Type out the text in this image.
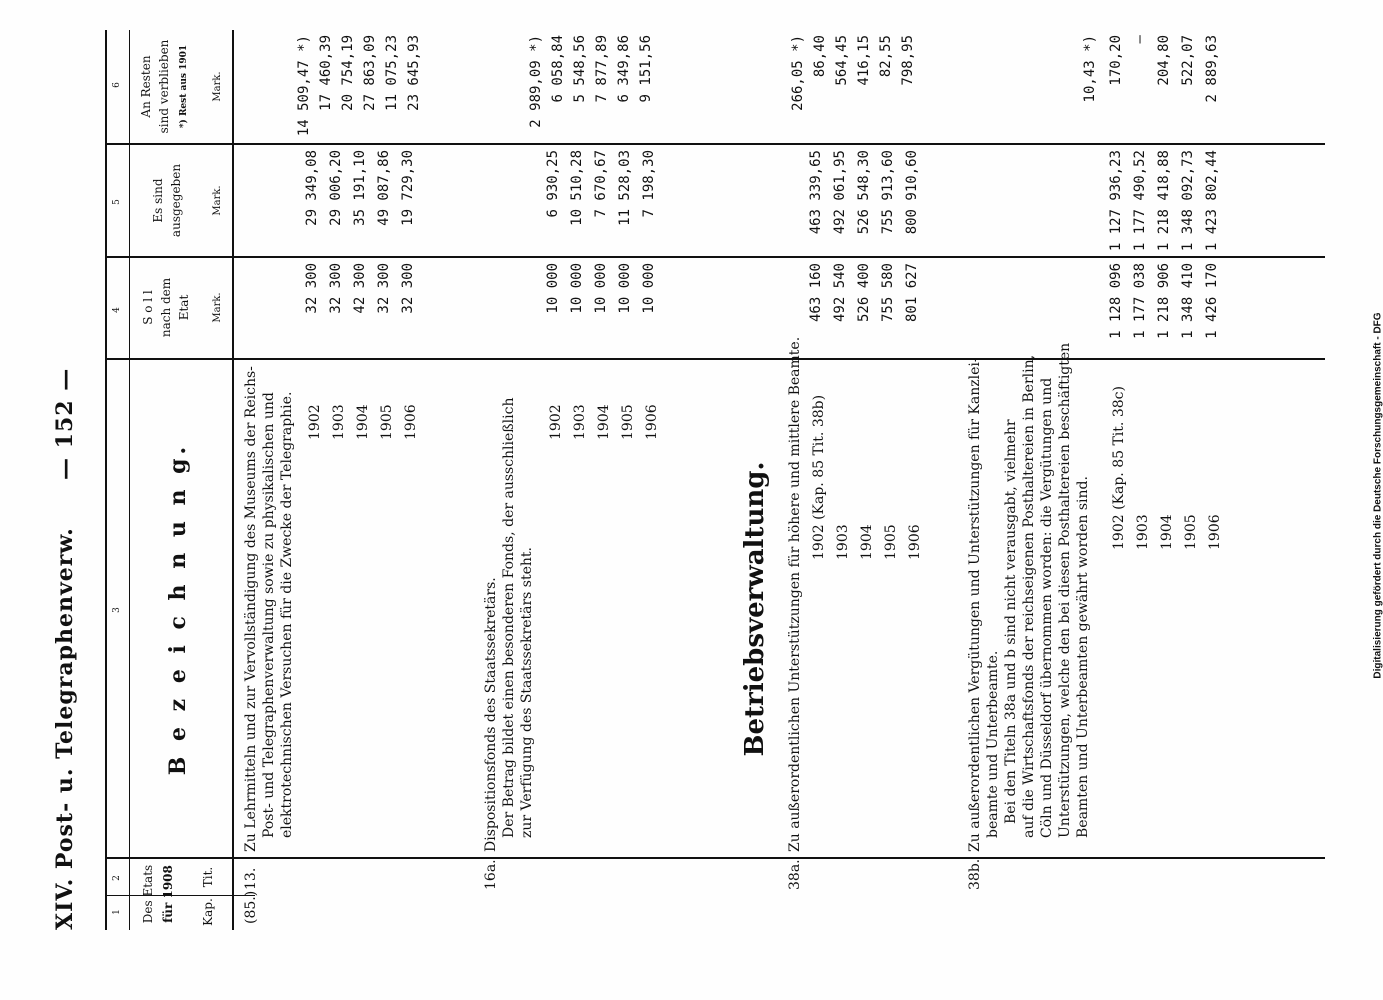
XIV. Post- u. Telegraphenverw.
— 152 —
1
2
3
4
5
6
Des Etats für 1908 Kap.
Tit.
B e z e i c h n u n g.
S o l l nach dem Etat Mark.
Es sind ausgegeben	Mark.
An Resten sind verblieben *) Rest aus 1901	Mark.
(85.)
13.
Zu Lehrmitteln und zur Vervollständigung des Museums der Reichs- Post- und Telegraphenverwaltung sowie zu physikalischen und elektrotechnischen Versuchen für die Zwecke der Telegraphie.
14 509,47 *)
1902 1903 1904 1905 1906
32 300 32 300 42 300 32 300 32 300
29 349,08 29 006,20 35 191,10 49 087,86 19 729,30
17 460,39 20 754,19 27 863,09 11 075,23 23 645,93
16a.
Dispositionsfonds des Staatssekretärs. Der Betrag bildet einen besonderen Fonds, der ausschließlich zur Verfügung des Staatssekretärs steht.
2 989,09 *)
1902 1903 1904 1905 1906
10 000 10 000 10 000 10 000 10 000
6 930,25 10 510,28 7 670,67 11 528,03 7 198,30
6 058,84 5 548,56 7 877,89 6 349,86 9 151,56
Betriebsverwaltung.
38a.
Zu außerordentlichen Unterstützungen für höhere und mittlere Beamte.
266,05 *)
1902 (Kap. 85 Tit. 38b) 1903 1904 1905 1906
463 160 492 540 526 400 755 580 801 627
463 339,65 492 061,95 526 548,30 755 913,60 800 910,60
86,40 564,45 416,15 82,55 798,95
38b.
Zu außerordentlichen Vergütungen und Unterstützungen für Kanzlei- beamte und Unterbeamte. Bei den Titeln 38a und b sind nicht verausgabt, vielmehr auf die Wirtschaftsfonds der reichseigenen Posthaltereien in Berlin, Cöln und Düsseldorf übernommen worden: die Vergütungen und Unterstützungen, welche den bei diesen Posthaltereien beschäftigten Beamten und Unterbeamten gewährt worden sind.
10,43 *)
1902 (Kap. 85 Tit. 38c) 1903 1904 1905 1906
1 128 096 1 177 038 1 218 906 1 348 410 1 426 170
1 127 936,23 1 177 490,52 1 218 418,88 1 348 092,73 1 423 802,44
170,20 — 204,80 522,07 2 889,63
Digitalisierung gefördert durch die Deutsche Forschungsgemeinschaft - DFG
